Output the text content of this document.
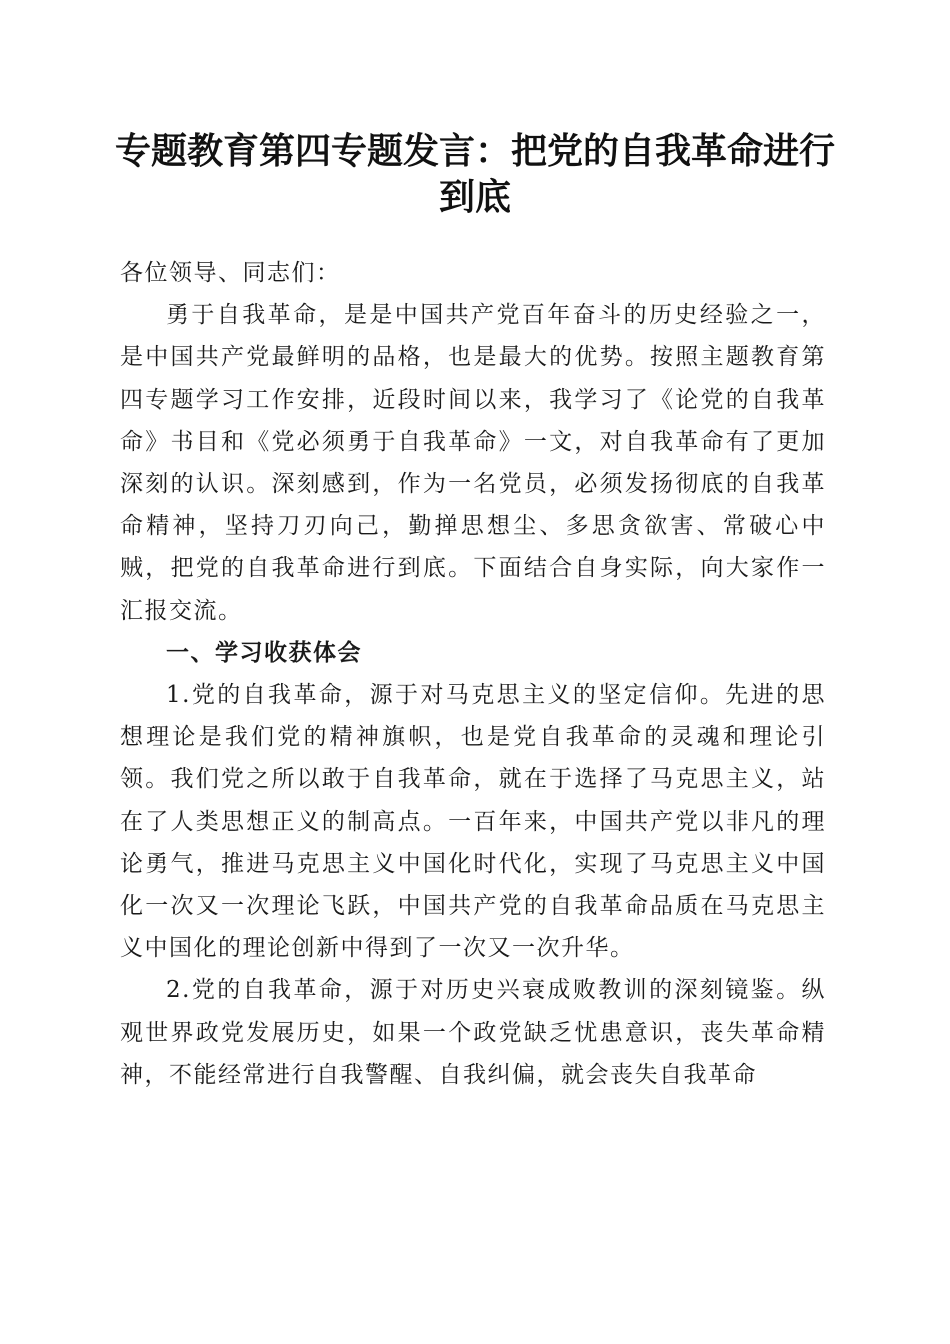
专题教育第四专题发言：把党的自我革命进行到底

各位领导、同志们：

勇于自我革命，是是中国共产党百年奋斗的历史经验之一，是中国共产党最鲜明的品格，也是最大的优势。按照主题教育第四专题学习工作安排，近段时间以来，我学习了《论党的自我革命》书目和《党必须勇于自我革命》一文，对自我革命有了更加深刻的认识。深刻感到，作为一名党员，必须发扬彻底的自我革命精神，坚持刀刃向己，勤掸思想尘、多思贪欲害、常破心中贼，把党的自我革命进行到底。下面结合自身实际，向大家作一汇报交流。

一、学习收获体会

1.党的自我革命，源于对马克思主义的坚定信仰。先进的思想理论是我们党的精神旗帜，也是党自我革命的灵魂和理论引领。我们党之所以敢于自我革命，就在于选择了马克思主义，站在了人类思想正义的制高点。一百年来，中国共产党以非凡的理论勇气，推进马克思主义中国化时代化，实现了马克思主义中国化一次又一次理论飞跃，中国共产党的自我革命品质在马克思主义中国化的理论创新中得到了一次又一次升华。

2.党的自我革命，源于对历史兴衰成败教训的深刻镜鉴。纵观世界政党发展历史，如果一个政党缺乏忧患意识，丧失革命精神，不能经常进行自我警醒、自我纠偏，就会丧失自我革命
